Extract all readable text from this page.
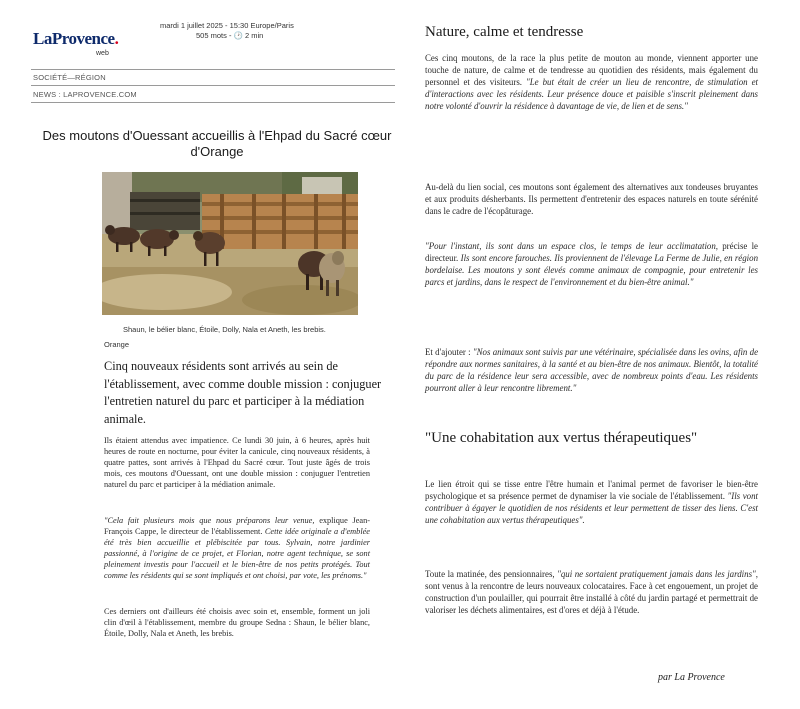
LaProvence.
web
mardi 1 juillet 2025 - 15:30 Europe/Paris
505 mots - 🕑 2 min
SOCIÉTÉ—RÉGION
NEWS : LAPROVENCE.COM
Des moutons d'Ouessant accueillis à l'Ehpad du Sacré cœur
d'Orange
Shaun, le bélier blanc, Étoile, Dolly, Nala et Aneth, les brebis.
Orange
Cinq nouveaux résidents sont arrivés au sein de l'établissement, avec comme double mission : conjuguer l'entretien naturel du parc et participer à la médiation animale.
Ils étaient attendus avec impatience. Ce lundi 30 juin, à 6 heures, après huit heures de route en nocturne, pour éviter la canicule, cinq nouveaux résidents, à quatre pattes, sont arrivés à l'Ehpad du Sacré cœur. Tout juste âgés de trois mois, ces moutons d'Ouessant, ont une double mission : conjuguer l'entretien naturel du parc et participer à la médiation animale.
"Cela fait plusieurs mois que nous préparons leur venue, explique Jean-François Cappe, le directeur de l'établissement. Cette idée originale a d'emblée été très bien accueillie et plébiscitée par tous. Sylvain, notre jardinier passionné, à l'origine de ce projet, et Florian, notre agent technique, se sont pleinement investis pour l'accueil et le bien-être de nos petits protégés. Tout comme les résidents qui se sont impliqués et ont choisi, par vote, les prénoms."
Ces derniers ont d'ailleurs été choisis avec soin et, ensemble, forment un joli clin d'œil à l'établissement, membre du groupe Sedna : Shaun, le bélier blanc, Étoile, Dolly, Nala et Aneth, les brebis.
Nature, calme et tendresse
Ces cinq moutons, de la race la plus petite de mouton au monde, viennent apporter une touche de nature, de calme et de tendresse au quotidien des résidents, mais également du personnel et des visiteurs. "Le but était de créer un lieu de rencontre, de stimulation et d'interactions avec les résidents. Leur présence douce et paisible s'inscrit pleinement dans notre volonté d'ouvrir la résidence à davantage de vie, de lien et de sens."
Au-delà du lien social, ces moutons sont également des alternatives aux tondeuses bruyantes et aux produits désherbants. Ils permettent d'entretenir des espaces naturels en toute sérénité dans le cadre de l'écopâturage.
"Pour l'instant, ils sont dans un espace clos, le temps de leur acclimatation, précise le directeur. Ils sont encore farouches. Ils proviennent de l'élevage La Ferme de Julie, en région bordelaise. Les moutons y sont élevés comme animaux de compagnie, pour entretenir les parcs et jardins, dans le respect de l'environnement et du bien-être animal."
Et d'ajouter : "Nos animaux sont suivis par une vétérinaire, spécialisée dans les ovins, afin de répondre aux normes sanitaires, à la santé et au bien-être de nos animaux. Bientôt, la totalité du parc de la résidence leur sera accessible, avec de nombreux points d'eau. Les résidents pourront aller à leur rencontre librement."
"Une cohabitation aux vertus thérapeutiques"
Le lien étroit qui se tisse entre l'être humain et l'animal permet de favoriser le bien-être psychologique et sa présence permet de dynamiser la vie sociale de l'établissement. "Ils vont contribuer à égayer le quotidien de nos résidents et leur permettent de tisser des liens. C'est une cohabitation aux vertus thérapeutiques".
Toute la matinée, des pensionnaires, "qui ne sortaient pratiquement jamais dans les jardins", sont venus à la rencontre de leurs nouveaux colocataires. Face à cet engouement, un projet de construction d'un poulailler, qui pourrait être installé à côté du jardin partagé et permettrait de valoriser les déchets alimentaires, est d'ores et déjà à l'étude.
par La Provence
